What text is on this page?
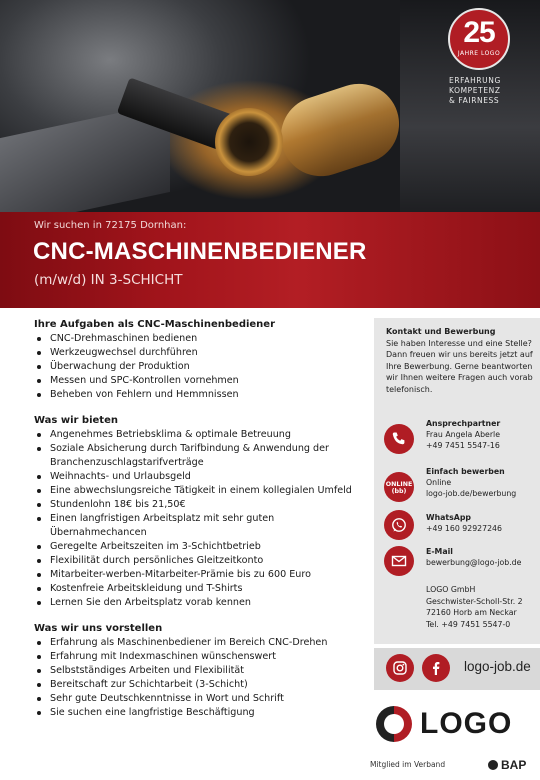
25
JAHRE LOGO
ERFAHRUNG
KOMPETENZ
& FAIRNESS
Wir suchen in 72175 Dornhan:
CNC-MASCHINENBEDIENER
(m/w/d) IN 3-SCHICHT
Ihre Aufgaben als CNC-Maschinenbediener
CNC-Drehmaschinen bedienen
Werkzeugwechsel durchführen
Überwachung der Produktion
Messen und SPC-Kontrollen vornehmen
Beheben von Fehlern und Hemmnissen
Was wir bieten
Angenehmes Betriebsklima & optimale Betreuung
Soziale Absicherung durch Tarifbindung & Anwendung der Branchenzuschlagstarifverträge
Weihnachts- und Urlaubsgeld
Eine abwechslungsreiche Tätigkeit in einem kollegialen Umfeld
Stundenlohn 18€ bis 21,50€
Einen langfristigen Arbeitsplatz mit sehr guten Übernahmechancen
Geregelte Arbeitszeiten im 3-Schichtbetrieb
Flexibilität durch persönliches Gleitzeitkonto
Mitarbeiter-werben-Mitarbeiter-Prämie bis zu 600 Euro
Kostenfreie Arbeitskleidung und T-Shirts
Lernen Sie den Arbeitsplatz vorab kennen
Was wir uns vorstellen
Erfahrung als Maschinenbediener im Bereich CNC-Drehen
Erfahrung mit Indexmaschinen wünschenswert
Selbstständiges Arbeiten und Flexibilität
Bereitschaft zur Schichtarbeit (3-Schicht)
Sehr gute Deutschkenntnisse in Wort und Schrift
Sie suchen eine langfristige Beschäftigung
Kontakt und Bewerbung
Sie haben Interesse und eine Stelle? Dann freuen wir uns bereits jetzt auf Ihre Bewerbung. Gerne beantworten wir Ihnen weitere Fragen auch vorab telefonisch.
Ansprechpartner
Frau Angela Aberle
+49 7451 5547-16
ONLINE
(bb)
Einfach bewerben
Online
logo-job.de/bewerbung
WhatsApp
+49 160 92927246
E-Mail
bewerbung@logo-job.de
LOGO GmbH
Geschwister-Scholl-Str. 2
72160 Horb am Neckar
Tel. +49 7451 5547-0
logo-job.de
LOGO
Mitglied im Verband	BAP
